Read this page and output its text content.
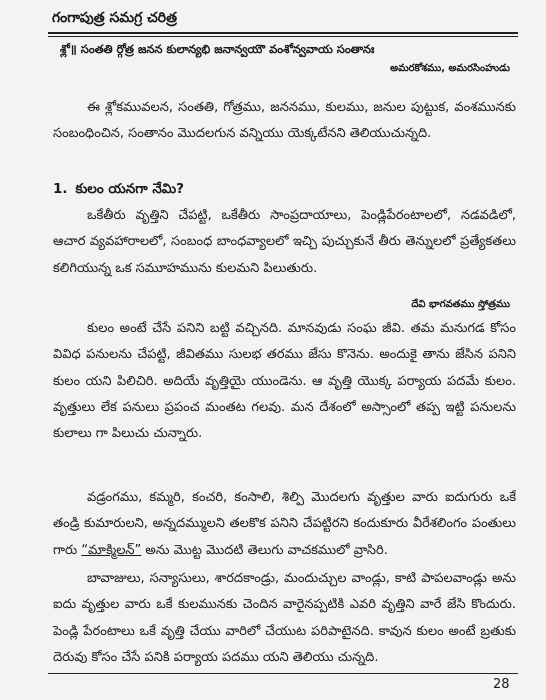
గంగాపుత్ర సమగ్ర చరిత్ర
శ్లో॥ సంతతి ర్గోత్ర జనన కులాన్యభి జనాన్వయౌ వంశోన్వవాయ సంతానః
అమరకోశము, అమరసింహుడు

ఈ శ్లోకమువలన, సంతతి, గోత్రము, జననము, కులము, జనుల పుట్టుక, వంశమునకు సంబంధించిన, సంతానం మొదలగున వన్నియు యెక్కటేనని తెలియుచున్నది.

1. కులం యనగా నేమి?

ఒకేతీరు వృత్తిని చేపట్టి, ఒకేతీరు సాంప్రదాయాలు, పెండ్లిపేరంటాలలో, నడవడిలో, ఆచార వ్యవహారాలలో, సంబంధ బాంధవ్యాలలో ఇచ్చి పుచ్చుకునే తీరు తెన్నులలో ప్రత్యేకతలు కలిగియున్న ఒక సమూహమును కులమని పిలుతురు.

దేవి భాగవతము స్తోత్రము

కులం అంటే చేసే పనిని బట్టి వచ్చినది. మానవుడు సంఘ జీవి. తమ మనుగడ కోసం వివిధ పనులను చేపట్టి, జీవితము సులభ తరము జేసు కొనెను. అందుకై తాను జేసిన పనిని కులం యని పిలిచిరి. అదియే వృత్తియై యుండెను. ఆ వృత్తి యొక్క పర్యాయ పదమే కులం. వృత్తులు లేక పనులు ప్రపంచ మంతట గలవు. మన దేశంలో అస్సాంలో తప్ప ఇట్టి పనులను కులాలు గా పిలుచు చున్నారు.

వడ్రంగము, కమ్మరి, కంచరి, కంసాలి, శిల్పి మొదలగు వృత్తుల వారు ఐదుగురు ఒకే తండ్రి కుమారులని, అన్నదమ్ములని తలకొక పనిని చేపట్టిరని కందుకూరు వీరేశలింగం పంతులు గారు “మాక్మిలన్” అను మొట్ట మొదటి తెలుగు వాచకములో వ్రాసిరి.

బావాజులు, సన్యాసులు, శారదకాండ్రు, మందుచ్చుల వాండ్లు, కాటి పాపలవాండ్లు అను ఐదు వృత్తుల వారు ఒకే కులమునకు చెందిన వారైనప్పటికి ఎవరి వృత్తిని వారే జేసి కొందురు. పెండ్లి పేరంటాలు ఒకే వృత్తి చేయు వారిలో చేయుట పరిపాటైనది. కావున కులం అంటే బ్రతుకు దెరువు కోసం చేసే పనికి పర్యాయ పదము యని తెలియు చున్నది.

28
